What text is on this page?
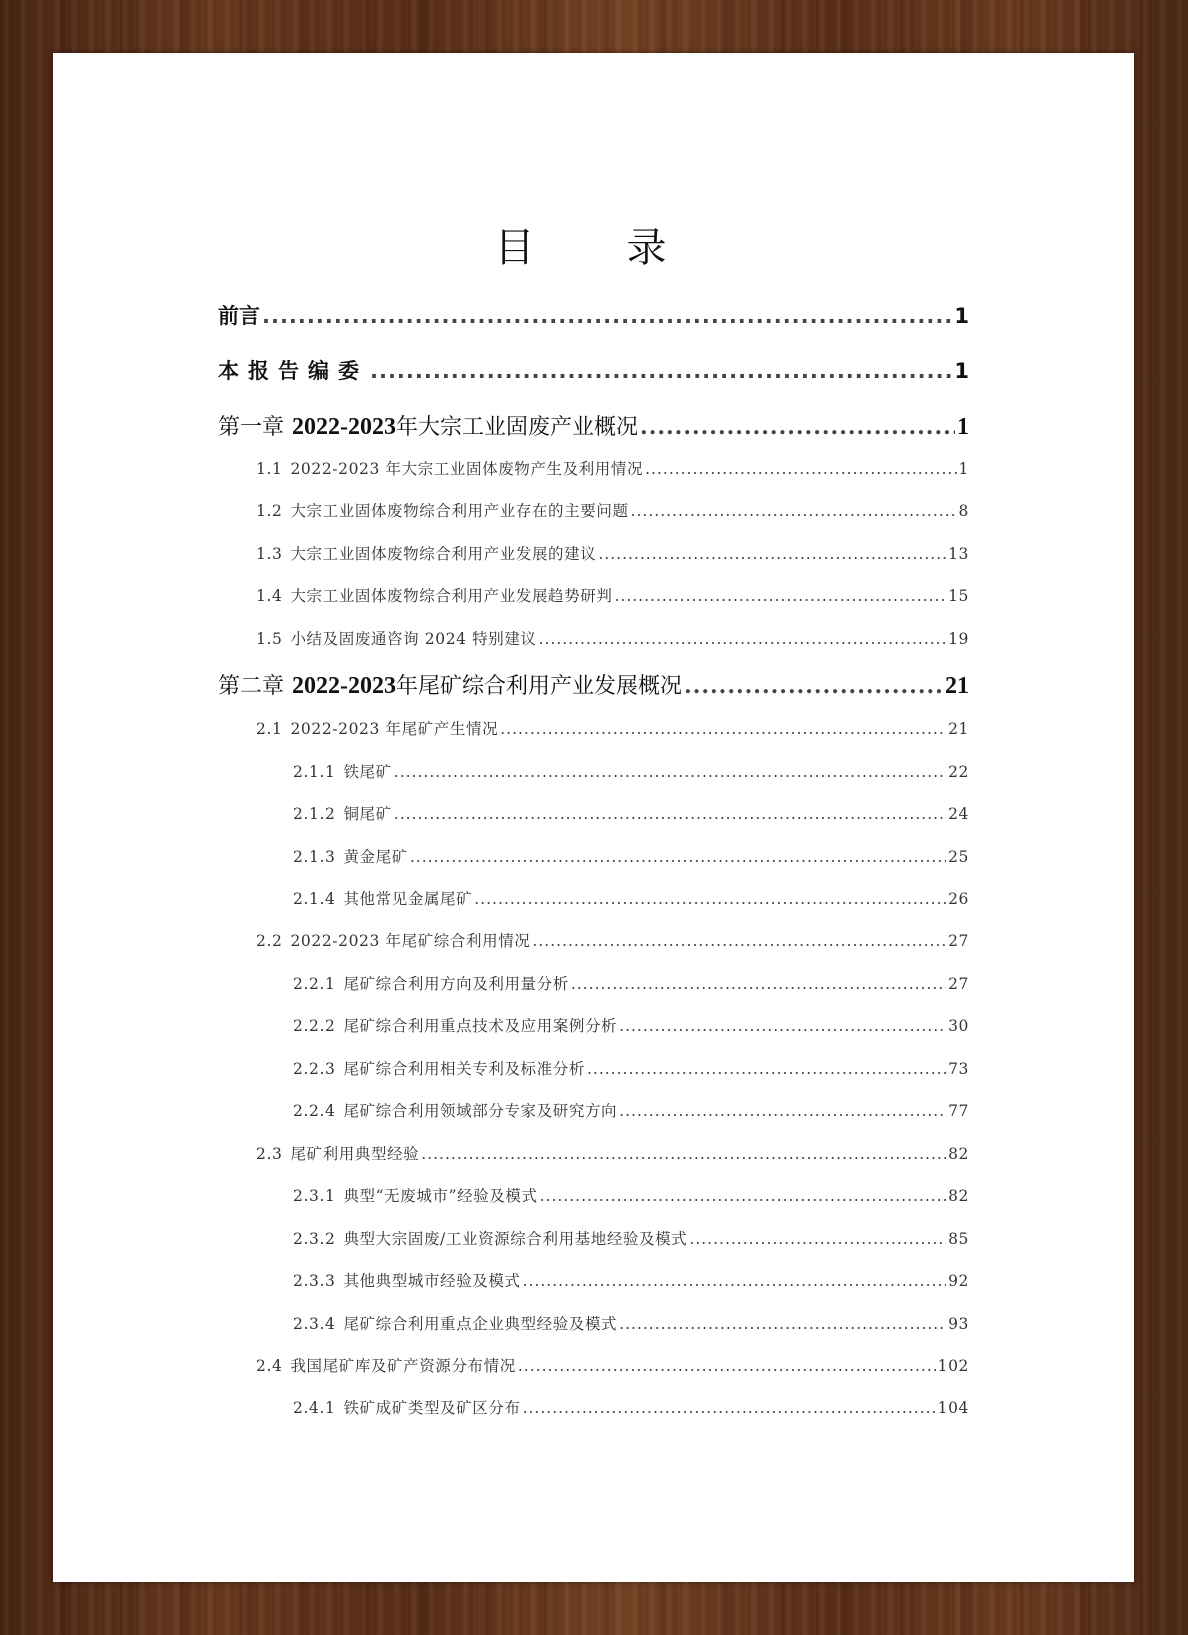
目　录
前言 .....	1
本报告编委 .....	1
第一章 2022-2023年大宗工业固废产业概况 .....	1
1.1 2022-2023 年大宗工业固体废物产生及利用情况 .....	1
1.2 大宗工业固体废物综合利用产业存在的主要问题 .....	8
1.3 大宗工业固体废物综合利用产业发展的建议 .....	13
1.4 大宗工业固体废物综合利用产业发展趋势研判 .....	15
1.5 小结及固废通咨询 2024 特别建议 .....	19
第二章 2022-2023年尾矿综合利用产业发展概况 .....	21
2.1 2022-2023 年尾矿产生情况 .....	21
2.1.1 铁尾矿 .....	22
2.1.2 铜尾矿 .....	24
2.1.3 黄金尾矿 .....	25
2.1.4 其他常见金属尾矿 .....	26
2.2 2022-2023 年尾矿综合利用情况 .....	27
2.2.1 尾矿综合利用方向及利用量分析 .....	27
2.2.2 尾矿综合利用重点技术及应用案例分析 .....	30
2.2.3 尾矿综合利用相关专利及标准分析 .....	73
2.2.4 尾矿综合利用领域部分专家及研究方向 .....	77
2.3 尾矿利用典型经验 .....	82
2.3.1 典型“无废城市”经验及模式 .....	82
2.3.2 典型大宗固废/工业资源综合利用基地经验及模式 .....	85
2.3.3 其他典型城市经验及模式 .....	92
2.3.4 尾矿综合利用重点企业典型经验及模式 .....	93
2.4 我国尾矿库及矿产资源分布情况 .....	102
2.4.1 铁矿成矿类型及矿区分布 .....	104
